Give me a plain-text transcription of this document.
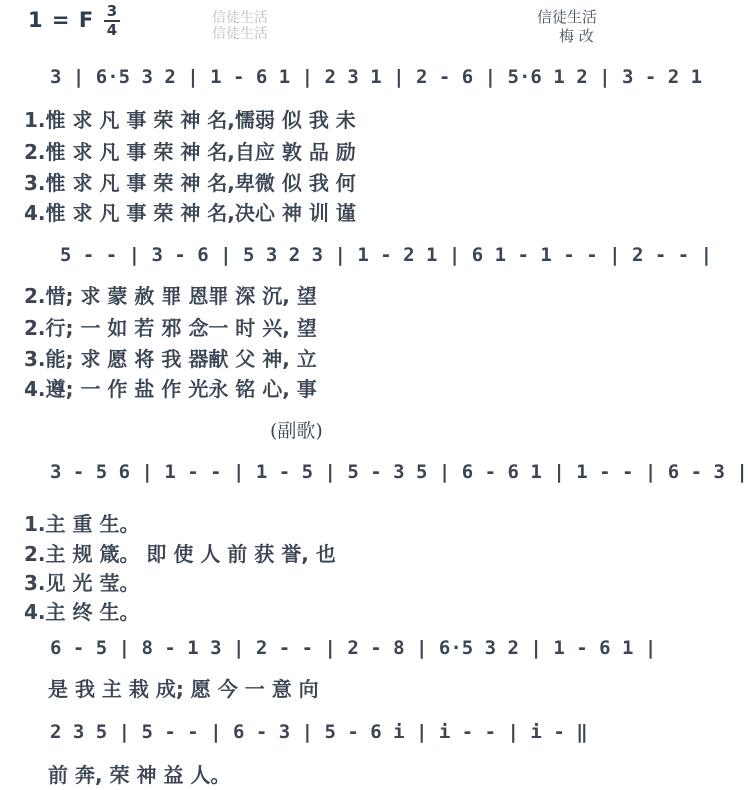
1 = F 3
4
信徒生活
信徒生活
信徒生活
梅 改
3 | 6·5 3 2 | 1 - 6 1 | 2 3 1 | 2 - 6 | 5·6 1 2 | 3 - 2 1
1.惟 求 凡 事 荣 神 名,懦弱 似 我 未
2.惟 求 凡 事 荣 神 名,自应 敦 品 励
3.惟 求 凡 事 荣 神 名,卑微 似 我 何
4.惟 求 凡 事 荣 神 名,决心 神 训 谨
5 - - | 3 - 6 | 5 3 2 3 | 1 - 2 1 | 6 1 - 1 - - | 2 - - |
2.惜; 求 蒙 赦 罪 恩罪 深 沉, 望
2.行; 一 如 若 邪 念一 时 兴, 望
3.能; 求 愿 将 我 器献 父 神, 立
4.遵; 一 作 盐 作 光永 铭 心, 事
(副歌)
3 - 5 6 | 1 - - | 1 - 5 | 5 - 3 5 | 6 - 6 1 | 1 - - | 6 - 3 |
1.主 重 生。
2.主 规 箴。 即 使 人 前 获 誉, 也
3.见 光 莹。
4.主 终 生。
6 - 5 | 8 - 1 3 | 2 - - | 2 - 8 | 6·5 3 2 | 1 - 6 1 |
是 我 主 栽 成; 愿 今 一 意 向
2 3 5 | 5 - - | 6 - 3 | 5 - 6 i | i - - | i - ‖
前 奔, 荣 神 益 人。
